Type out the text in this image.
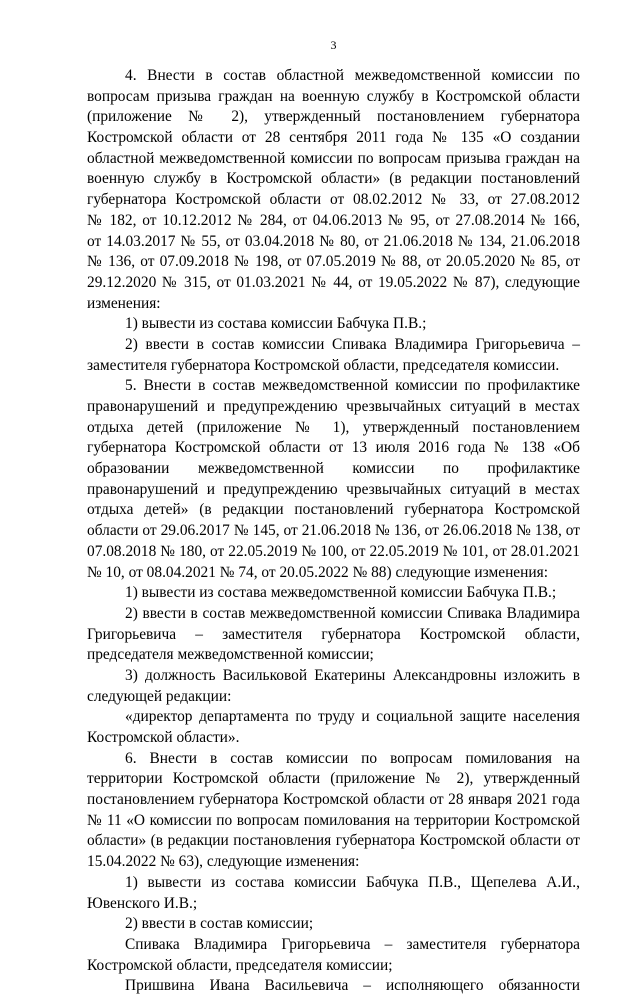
3
4. Внести в состав областной межведомственной комиссии по
вопросам призыва граждан на военную службу в Костромской области
(приложение № 2), утвержденный постановлением губернатора
Костромской области от 28 сентября 2011 года № 135 «О создании
областной межведомственной комиссии по вопросам призыва граждан на
военную службу в Костромской области» (в редакции постановлений
губернатора Костромской области от 08.02.2012 № 33, от 27.08.2012
№ 182, от 10.12.2012 № 284, от 04.06.2013 № 95, от 27.08.2014 № 166,
от 14.03.2017 № 55, от 03.04.2018 № 80, от 21.06.2018 № 134, 21.06.2018
№ 136, от 07.09.2018 № 198, от 07.05.2019 № 88, от 20.05.2020 № 85, от
29.12.2020 № 315, от 01.03.2021 № 44, от 19.05.2022 № 87), следующие
изменения:
1) вывести из состава комиссии Бабчука П.В.;
2) ввести в состав комиссии Спивака Владимира Григорьевича –
заместителя губернатора Костромской области, председателя комиссии.
5. Внести в состав межведомственной комиссии по профилактике
правонарушений и предупреждению чрезвычайных ситуаций в местах
отдыха детей (приложение № 1), утвержденный постановлением
губернатора Костромской области от 13 июля 2016 года № 138 «Об
образовании межведомственной комиссии по профилактике
правонарушений и предупреждению чрезвычайных ситуаций в местах
отдыха детей» (в редакции постановлений губернатора Костромской
области от 29.06.2017 № 145, от 21.06.2018 № 136, от 26.06.2018 № 138, от
07.08.2018 № 180, от 22.05.2019 № 100, от 22.05.2019 № 101, от 28.01.2021
№ 10, от 08.04.2021 № 74, от 20.05.2022 № 88) следующие изменения:
1) вывести из состава межведомственной комиссии Бабчука П.В.;
2) ввести в состав межведомственной комиссии Спивака Владимира
Григорьевича – заместителя губернатора Костромской области,
председателя межведомственной комиссии;
3) должность Васильковой Екатерины Александровны изложить в
следующей редакции:
«директор департамента по труду и социальной защите населения
Костромской области».
6. Внести в состав комиссии по вопросам помилования на
территории Костромской области (приложение № 2), утвержденный
постановлением губернатора Костромской области от 28 января 2021 года
№ 11 «О комиссии по вопросам помилования на территории Костромской
области» (в редакции постановления губернатора Костромской области от
15.04.2022 № 63), следующие изменения:
1) вывести из состава комиссии Бабчука П.В., Щепелева А.И.,
Ювенского И.В.;
2) ввести в состав комиссии;
Спивака Владимира Григорьевича – заместителя губернатора
Костромской области, председателя комиссии;
Пришвина Ивана Васильевича – исполняющего обязанности
